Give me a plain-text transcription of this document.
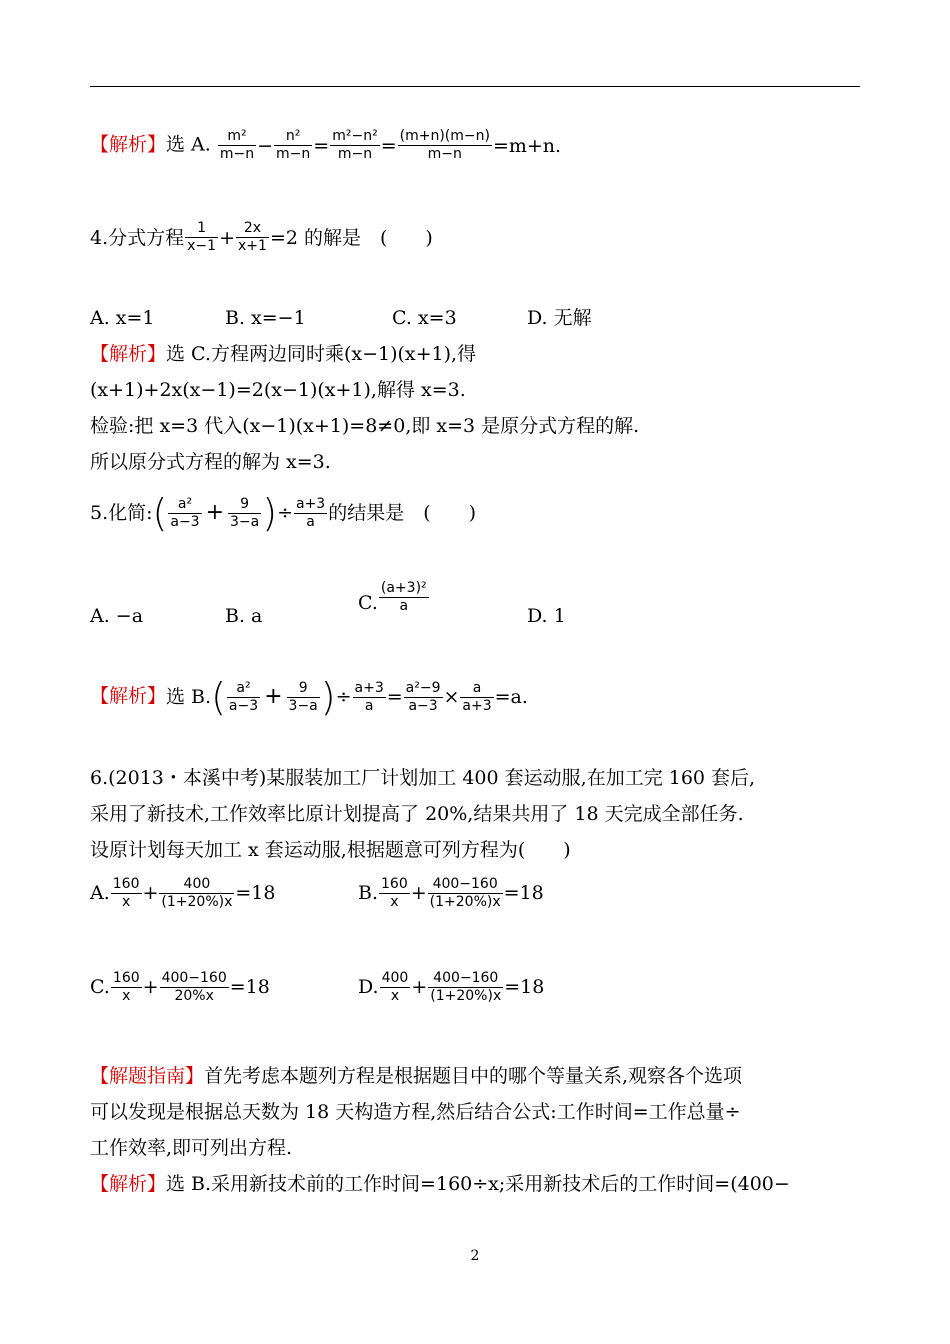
【解析】选 A. $\frac{\text{m²}}{m-n} - \frac{\text{n²}}{m-n} = \frac{\text{m²−n²}}{m-n} = \frac{(m+n)(m-n)}{m-n} =m+n$.
4.分式方程 $\frac{1}{x-1} + \frac{2x}{x+1} =2$ 的解是　(　　)
A. x=1	B. x=−1	C. x=3	D. 无解
【解析】选 C.方程两边同时乘(x−1)(x+1),得
(x+1)+2x(x−1)=2(x−1)(x+1),解得 x=3.
检验:把 x=3 代入(x−1)(x+1)=8≠0,即 x=3 是原分式方程的解.
所以原分式方程的解为 x=3.
5.化简:( $\frac{\text{a²}}{a-3} + \frac{9}{3-a}$ )÷ $\frac{a+3}{a}$ 的结果是　(　　)
A. −a	B. a
C. $\frac{\text{(a+3)²}}{a}$
D. 1
【解析】选 $B.( \frac{\text{a²}}{a-3} + \frac{9}{3-a}$ )÷ $\frac{a+3}{a} = \frac{\text{a²−9}}{a-3} \times \frac{a}{a+3} =a$.
6.(2013・本溪中考)某服装加工厂计划加工 400 套运动服,在加工完 160 套后,
采用了新技术,工作效率比原计划提高了 20%,结果共用了 18 天完成全部任务.
设原计划每天加工 x 套运动服,根据题意可列方程为(　　)
A. $\frac{160}{x} + \frac{400}{(1+20\%)x} =18$	B. $\frac{160}{x} + \frac{400-160}{(1+20\%)x} =18$
C. $\frac{160}{x} + \frac{400-160}{20\%x} =18$	D. $\frac{400}{x} + \frac{400-160}{(1+20\%)x} =18$
【解题指南】首先考虑本题列方程是根据题目中的哪个等量关系,观察各个选项
可以发现是根据总天数为 18 天构造方程,然后结合公式:工作时间=工作总量÷
工作效率,即可列出方程.
【解析】选 B.采用新技术前的工作时间=160÷x;采用新技术后的工作时间=(400−
2
